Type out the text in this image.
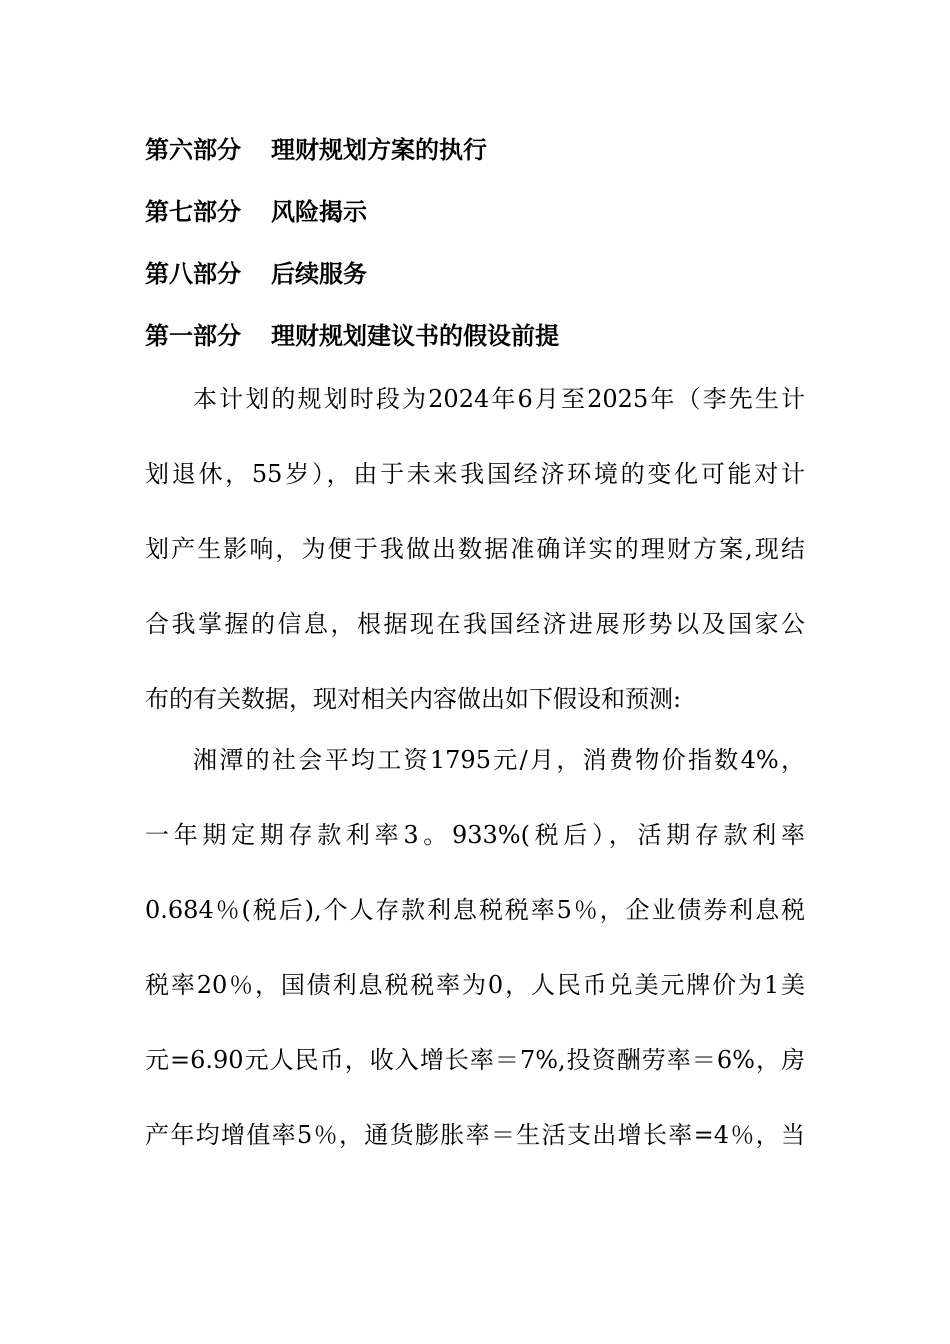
第六部分 理财规划方案的执行
第七部分 风险揭示
第八部分 后续服务
第一部分 理财规划建议书的假设前提
本计划的规划时段为2024年6月至2025年（李先生计
划退休，55岁），由于未来我国经济环境的变化可能对计
划产生影响，为便于我做出数据准确详实的理财方案,现结
合我掌握的信息，根据现在我国经济进展形势以及国家公
布的有关数据，现对相关内容做出如下假设和预测:
湘潭的社会平均工资1795元/月，消费物价指数4%，
一年期定期存款利率3。933%(税后），活期存款利率
0.684％(税后),个人存款利息税税率5％，企业债券利息税
税率20％，国债利息税税率为0，人民币兑美元牌价为1美
元=6.90元人民币，收入增长率＝7%,投资酬劳率＝6%，房
产年均增值率5％，通货膨胀率＝生活支出增长率=4％，当
